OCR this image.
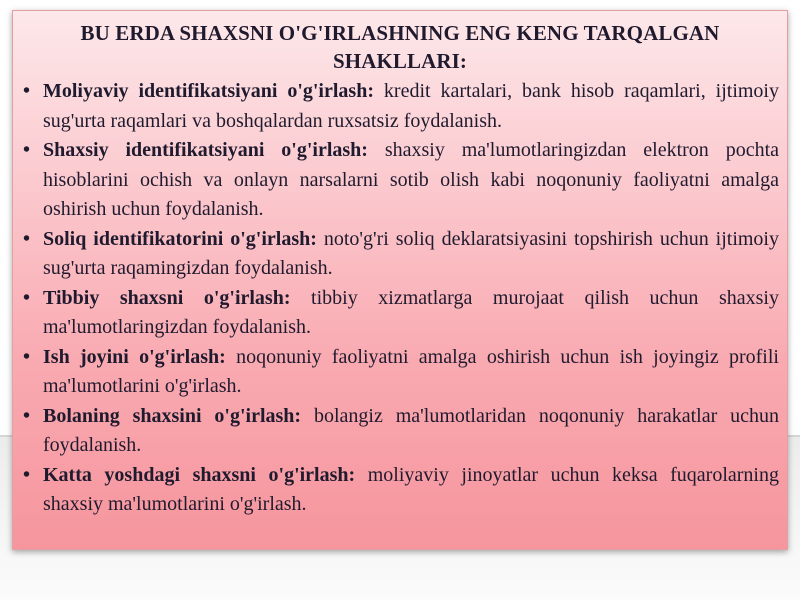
BU ERDA SHAXSNI O'G'IRLASHNING ENG KENG TARQALGAN SHAKLLARI:
• Moliyaviy identifikatsiyani o'g'irlash: kredit kartalari, bank hisob raqamlari, ijtimoiy sug'urta raqamlari va boshqalardan ruxsatsiz foydalanish.
• Shaxsiy identifikatsiyani o'g'irlash: shaxsiy ma'lumotlaringizdan elektron pochta hisoblarini ochish va onlayn narsalarni sotib olish kabi noqonuniy faoliyatni amalga oshirish uchun foydalanish.
• Soliq identifikatorini o'g'irlash: noto'g'ri soliq deklaratsiyasini topshirish uchun ijtimoiy sug'urta raqamingizdan foydalanish.
• Tibbiy shaxsni o'g'irlash: tibbiy xizmatlarga murojaat qilish uchun shaxsiy ma'lumotlaringizdan foydalanish.
• Ish joyini o'g'irlash: noqonuniy faoliyatni amalga oshirish uchun ish joyingiz profili ma'lumotlarini o'g'irlash.
• Bolaning shaxsini o'g'irlash: bolangiz ma'lumotlaridan noqonuniy harakatlar uchun foydalanish.
• Katta yoshdagi shaxsni o'g'irlash: moliyaviy jinoyatlar uchun keksa fuqarolarning shaxsiy ma'lumotlarini o'g'irlash.
